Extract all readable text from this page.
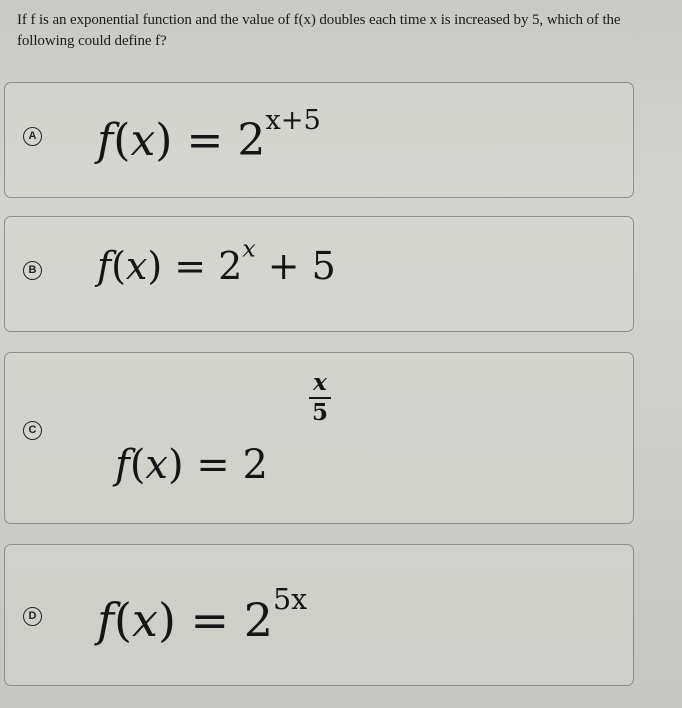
If f is an exponential function and the value of f(x) doubles each time x is increased by 5, which of the following could define f?
A $f(x) = 2^{x+5}$
B $f(x) = 2^x + 5$
C
f(x) = 2
x
5
D $f(x) = 2^{5x}$
